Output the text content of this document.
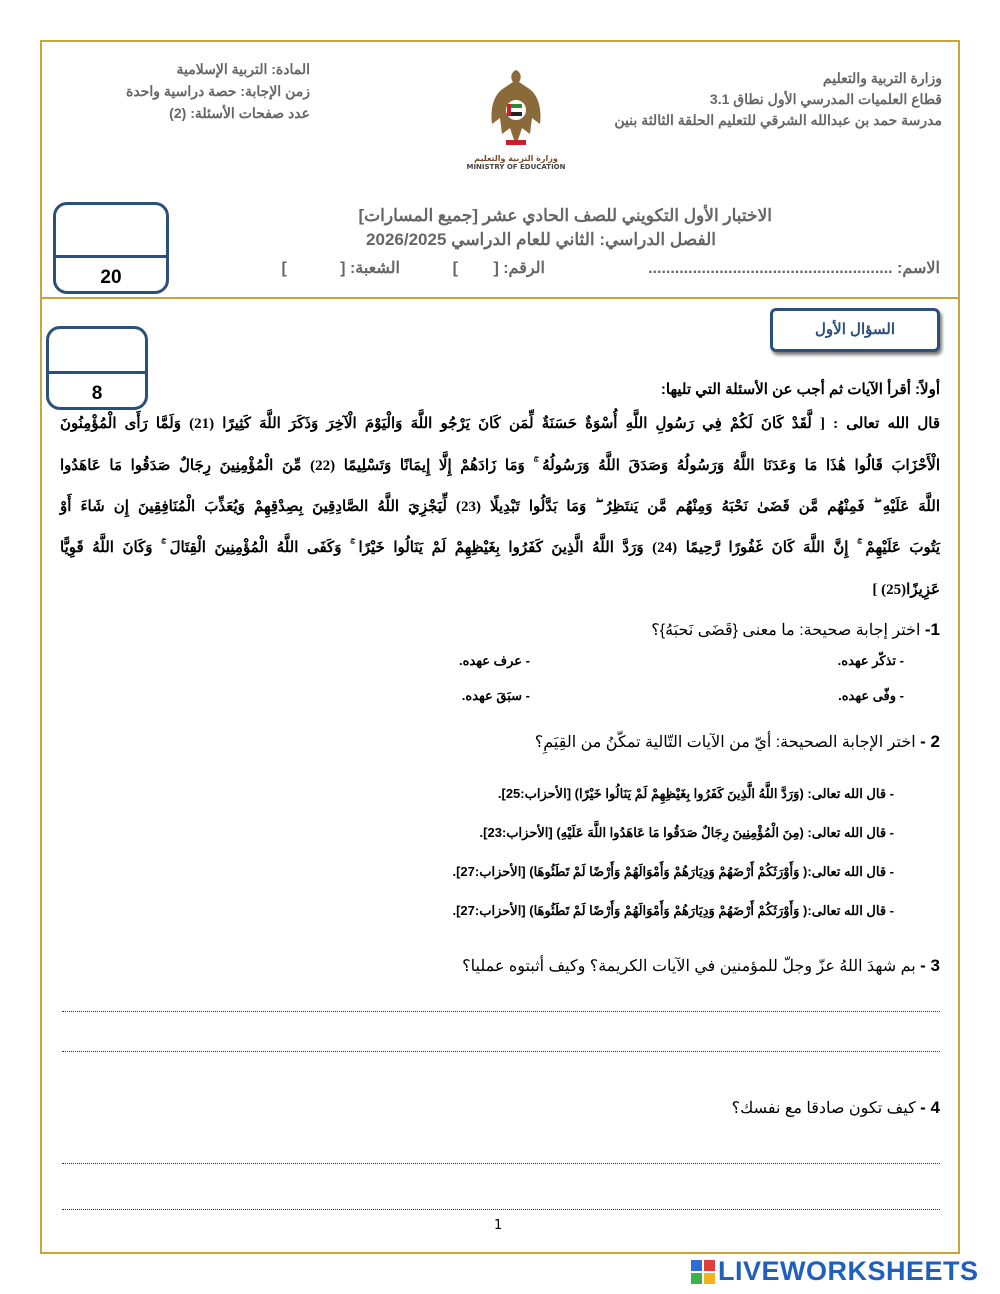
وزارة التربية والتعليم
قطاع العلميات المدرسي الأول نطاق 3.1
مدرسة حمد بن عبدالله الشرقي للتعليم الحلقة الثالثة بنين
المادة: التربية الإسلامية
زمن الإجابة: حصة دراسية واحدة
عدد صفحات الأسئلة: (2)
وزارة التربية والتعليم
MINISTRY OF EDUCATION
الاختبار الأول التكويني للصف الحادي عشر [جميع المسارات]
الفصل الدراسي: الثاني للعام الدراسي 2026/2025
الاسم: .......................................................
الرقم: [        ]
الشعبة: [            ]
20
السؤال الأول
8	أولاً: أقرأ الآيات ثم أجب عن الأسئلة التي تليها:
قال الله تعالى : [ لَّقَدْ كَانَ لَكُمْ فِي رَسُولِ اللَّهِ أُسْوَةٌ حَسَنَةٌ لِّمَن كَانَ يَرْجُو اللَّهَ وَالْيَوْمَ الْآخِرَ وَذَكَرَ اللَّهَ كَثِيرًا (21) وَلَمَّا رَأَى الْمُؤْمِنُونَ
الْأَحْزَابَ قَالُوا هَٰذَا مَا وَعَدَنَا اللَّهُ وَرَسُولُهُ وَصَدَقَ اللَّهُ وَرَسُولُهُ ۚ وَمَا زَادَهُمْ إِلَّا إِيمَانًا وَتَسْلِيمًا (22) مِّنَ الْمُؤْمِنِينَ رِجَالٌ صَدَقُوا مَا عَاهَدُوا
اللَّهَ عَلَيْهِ ۖ فَمِنْهُم مَّن قَضَىٰ نَحْبَهُ وَمِنْهُم مَّن يَنتَظِرُ ۖ وَمَا بَدَّلُوا تَبْدِيلًا (23) لِّيَجْزِيَ اللَّهُ الصَّادِقِينَ بِصِدْقِهِمْ وَيُعَذِّبَ الْمُنَافِقِينَ إِن شَاءَ أَوْ
يَتُوبَ عَلَيْهِمْ ۚ إِنَّ اللَّهَ كَانَ غَفُورًا رَّحِيمًا (24) وَرَدَّ اللَّهُ الَّذِينَ كَفَرُوا بِغَيْظِهِمْ لَمْ يَنَالُوا خَيْرًا ۚ وَكَفَى اللَّهُ الْمُؤْمِنِينَ الْقِتَالَ ۚ وَكَانَ اللَّهُ قَوِيًّا
عَزِيزًا(25) ]
1- اختر إجابة صحيحة: ما معنى {قَضَى نَحبَهُ}؟
- تذكّر عهده.
- عرف عهده.
- وفّى عهده.
- سبَقَ عهده.
2 - اختر الإجابة الصحيحة: أيّ من الآيات التّالية تمكّنُ من القِيَمِ؟
- قال الله تعالى: (وَرَدَّ اللَّهُ الَّذِينَ كَفَرُوا بِغَيْظِهِمْ لَمْ يَنَالُوا خَيْرًا) [الأحزاب:25].
- قال الله تعالى: (مِنَ الْمُؤْمِنِينَ رِجَالٌ صَدَقُوا مَا عَاهَدُوا اللَّهَ عَلَيْهِ) [الأحزاب:23].
- قال الله تعالى:( وَأَوْرَثَكُمْ أَرْضَهُمْ وَدِيَارَهُمْ وَأَمْوَالَهُمْ وَأَرْضًا لَمْ تَطَئُوهَا) [الأحزاب:27].
- قال الله تعالى:( وَأَوْرَثَكُمْ أَرْضَهُمْ وَدِيَارَهُمْ وَأَمْوَالَهُمْ وَأَرْضًا لَمْ تَطَئُوهَا) [الأحزاب:27].
3 - بم شهدَ اللهُ عزّ وجلّ للمؤمنين في الآيات الكريمة؟ وكيف أثبتوه عمليا؟
4 - كيف تكون صادقا مع نفسك؟
1
LIVEWORKSHEETS
